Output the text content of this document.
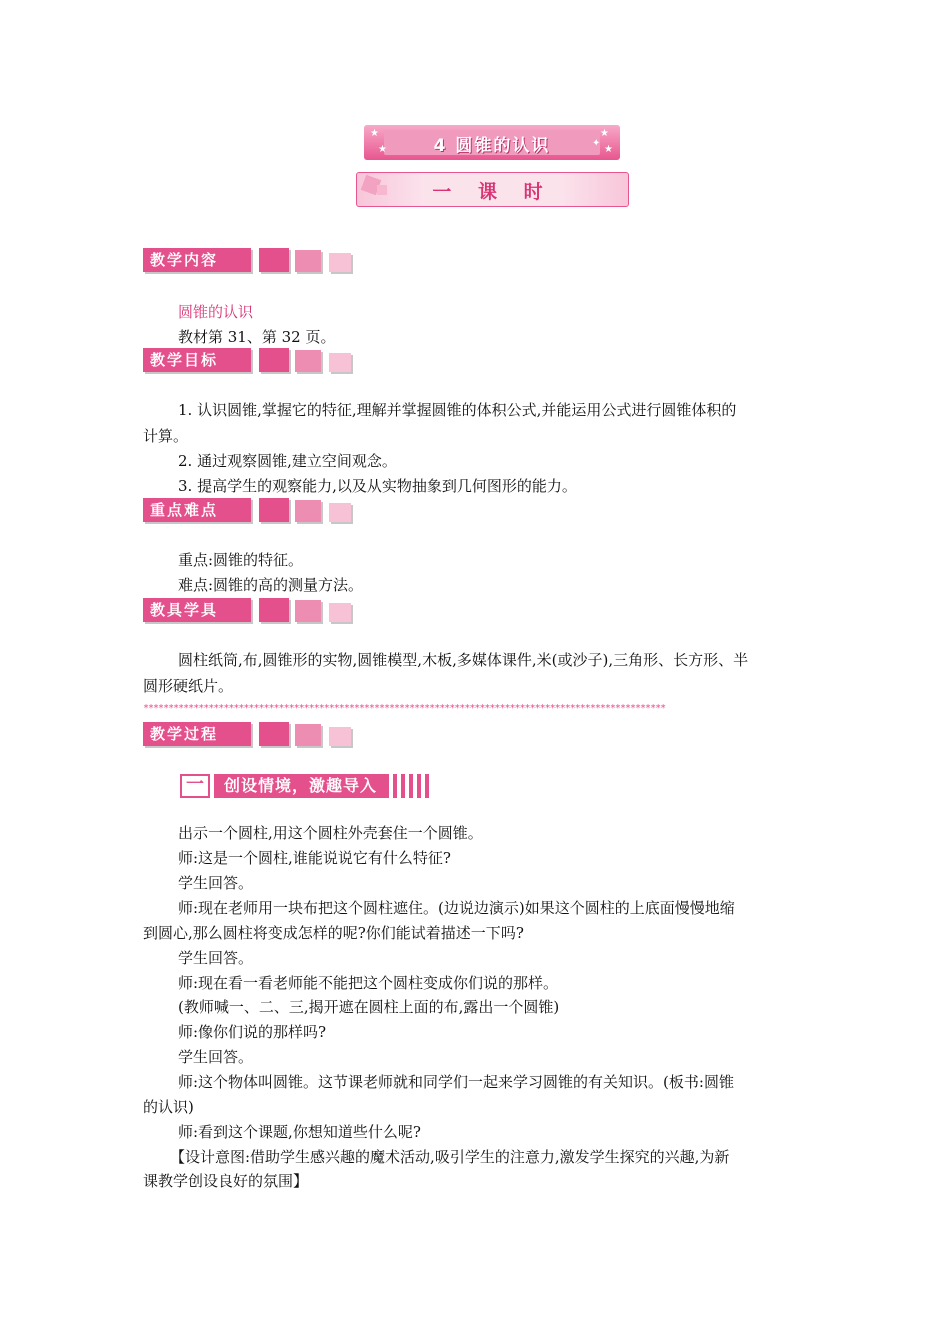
★
★
★
★
✦
4 圆锥的认识
一 课 时
教学内容
圆锥的认识
教材第 31、第 32 页。
教学目标
1. 认识圆锥,掌握它的特征,理解并掌握圆锥的体积公式,并能运用公式进行圆锥体积的
计算。
2. 通过观察圆锥,建立空间观念。
3. 提高学生的观察能力,以及从实物抽象到几何图形的能力。
重点难点
重点:圆锥的特征。
难点:圆锥的高的测量方法。
教具学具
圆柱纸筒,布,圆锥形的实物,圆锥模型,木板,多媒体课件,米(或沙子),三角形、长方形、半
圆形硬纸片。
********************************************************************************************************
教学过程
一	创设情境，激趣导入
出示一个圆柱,用这个圆柱外壳套住一个圆锥。
师:这是一个圆柱,谁能说说它有什么特征?
学生回答。
师:现在老师用一块布把这个圆柱遮住。(边说边演示)如果这个圆柱的上底面慢慢地缩
到圆心,那么圆柱将变成怎样的呢?你们能试着描述一下吗?
学生回答。
师:现在看一看老师能不能把这个圆柱变成你们说的那样。
(教师喊一、二、三,揭开遮在圆柱上面的布,露出一个圆锥)
师:像你们说的那样吗?
学生回答。
师:这个物体叫圆锥。这节课老师就和同学们一起来学习圆锥的有关知识。(板书:圆锥
的认识)
师:看到这个课题,你想知道些什么呢?
【设计意图:借助学生感兴趣的魔术活动,吸引学生的注意力,激发学生探究的兴趣,为新
课教学创设良好的氛围】
